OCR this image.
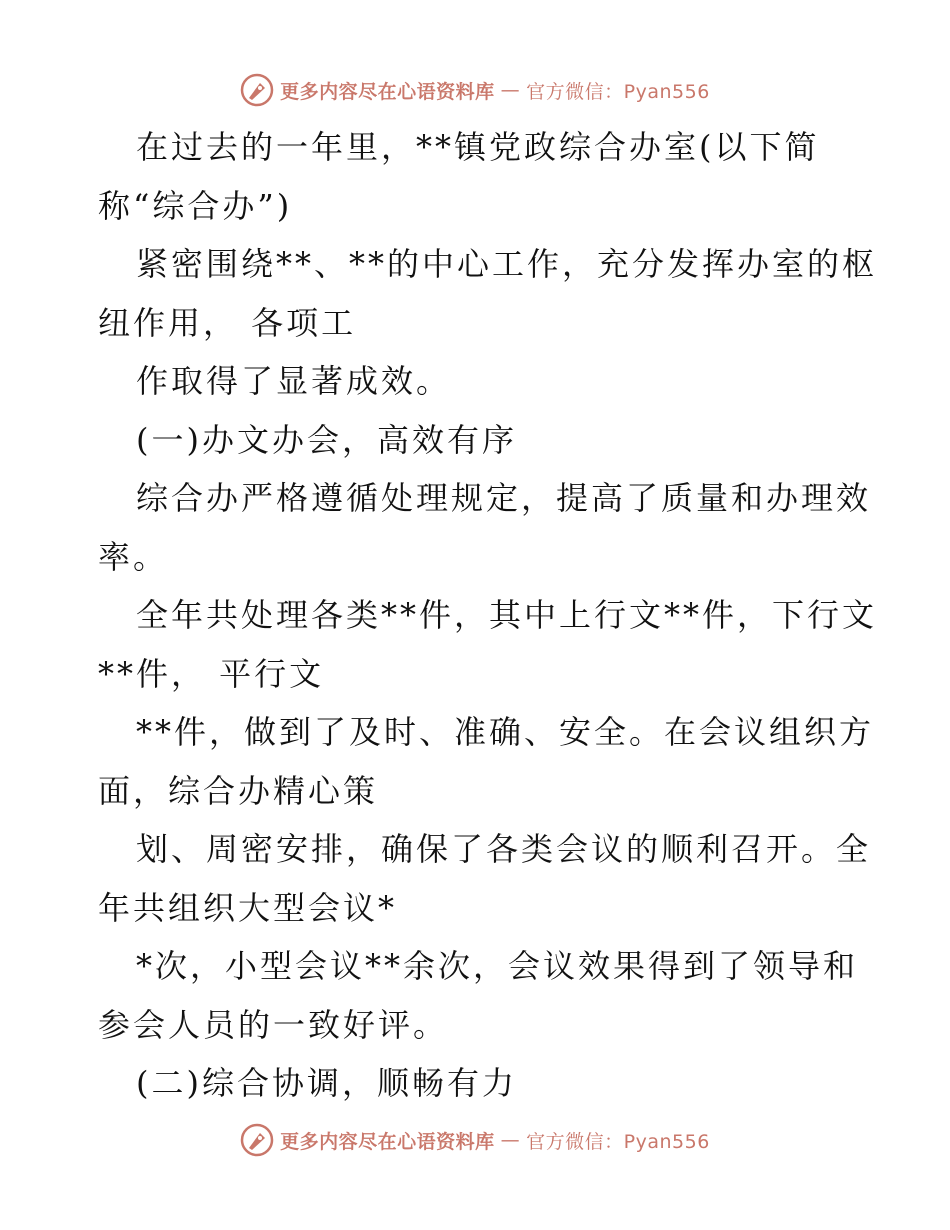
更多内容尽在心语资料库 — 官方微信：Pyan556
在过去的一年里，**镇党政综合办室(以下简
称“综合办”)
紧密围绕**、**的中心工作，充分发挥办室的枢
纽作用， 各项工
作取得了显著成效。
(一)办文办会，高效有序
综合办严格遵循处理规定，提高了质量和办理效
率。
全年共处理各类**件，其中上行文**件，下行文
**件， 平行文
**件，做到了及时、准确、安全。在会议组织方
面，综合办精心策
划、周密安排，确保了各类会议的顺利召开。全
年共组织大型会议*
*次，小型会议**余次，会议效果得到了领导和
参会人员的一致好评。
(二)综合协调，顺畅有力
更多内容尽在心语资料库 — 官方微信：Pyan556
